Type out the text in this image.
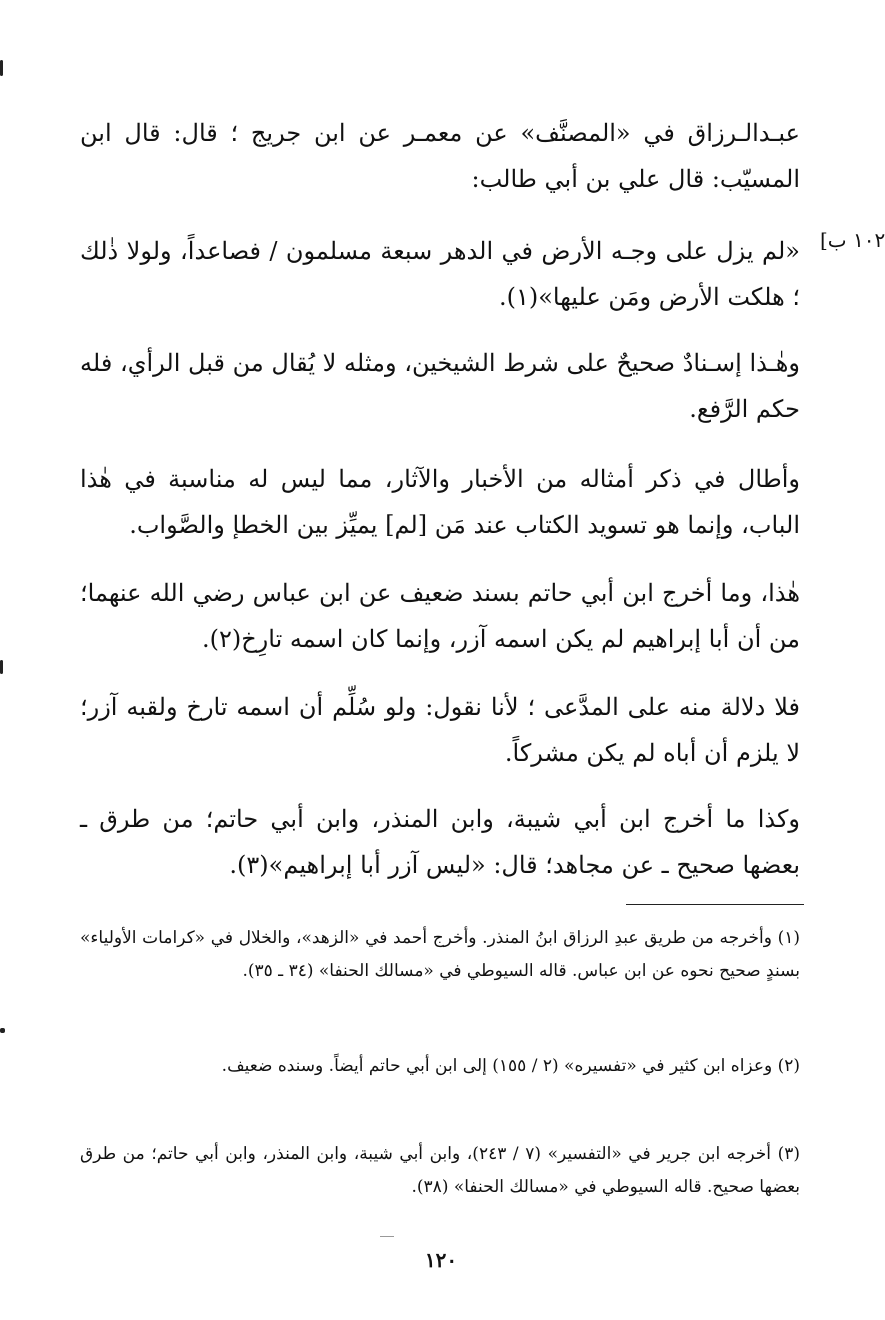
١٠٢ ب]

عبـدالـرزاق في «المصنَّف» عن معمـر عن ابن جريج ؛ قال: قال ابن المسيّب: قال علي بن أبي طالب:

«لم يزل على وجـه الأرض في الدهر سبعة مسلمون / فصاعداً، ولولا ذٰلك ؛ هلكت الأرض ومَن عليها»(١).

وهٰـذا إسـنادٌ صحيحٌ على شرط الشيخين، ومثله لا يُقال من قبل الرأي، فله حكم الرَّفع.

وأطال في ذكر أمثاله من الأخبار والآثار، مما ليس له مناسبة في هٰذا الباب، وإنما هو تسويد الكتاب عند مَن [لم] يميِّز بين الخطإ والصَّواب.

هٰذا، وما أخرج ابن أبي حاتم بسند ضعيف عن ابن عباس رضي الله عنهما؛ من أن أبا إبراهيم لم يكن اسمه آزر، وإنما كان اسمه تارِخ(٢).

فلا دلالة منه على المدَّعى ؛ لأنا نقول: ولو سُلِّم أن اسمه تارخ ولقبه آزر؛ لا يلزم أن أباه لم يكن مشركاً.

وكذا ما أخرج ابن أبي شيبة، وابن المنذر، وابن أبي حاتم؛ من طرق ـ بعضها صحيح ـ عن مجاهد؛ قال: «ليس آزر أبا إبراهيم»(٣).

(١) وأخرجه من طريق عبدِ الرزاق ابنُ المنذر. وأخرج أحمد في «الزهد»، والخلال في «كرامات الأولياء» بسندٍ صحيح نحوه عن ابن عباس. قاله السيوطي في «مسالك الحنفا» (٣٤ ـ ٣٥).

(٢) وعزاه ابن كثير في «تفسيره» (٢ / ١٥٥) إلى ابن أبي حاتم أيضاً. وسنده ضعيف.

(٣) أخرجه ابن جرير في «التفسير» (٧ / ٢٤٣)، وابن أبي شيبة، وابن المنذر، وابن أبي حاتم؛ من طرق بعضها صحيح. قاله السيوطي في «مسالك الحنفا» (٣٨).

١٢٠
